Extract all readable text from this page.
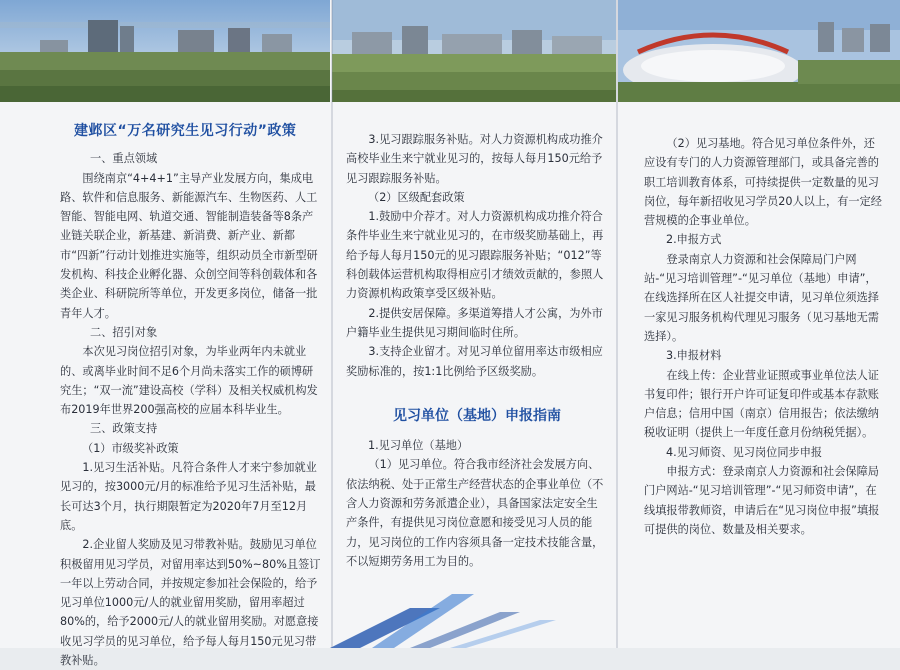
建邺区“万名研究生见习行动”政策

一、重点领域

围绕南京“4+4+1”主导产业发展方向，集成电路、软件和信息服务、新能源汽车、生物医药、人工智能、智能电网、轨道交通、智能制造装备等8条产业链关联企业，新基建、新消费、新产业、新都市“四新”行动计划推进实施等，组织动员全市新型研发机构、科技企业孵化器、众创空间等科创载体和各类企业、科研院所等单位，开发更多岗位，储备一批青年人才。

二、招引对象

本次见习岗位招引对象，为毕业两年内未就业的、或离毕业时间不足6个月尚未落实工作的硕博研究生；“双一流”建设高校（学科）及相关权威机构发布2019年世界200强高校的应届本科毕业生。

三、政策支持

（1）市级奖补政策

1.见习生活补贴。凡符合条件人才来宁参加就业见习的，按3000元/月的标准给予见习生活补贴，最长可达3个月，执行期限暂定为2020年7月至12月底。

2.企业留人奖励及见习带教补贴。鼓励见习单位积极留用见习学员，对留用率达到50%~80%且签订一年以上劳动合同，并按规定参加社会保险的，给予见习单位1000元/人的就业留用奖励，留用率超过80%的，给予2000元/人的就业留用奖励。对愿意接收见习学员的见习单位，给予每人每月150元见习带教补贴。

3.见习跟踪服务补贴。对人力资源机构成功推介高校毕业生来宁就业见习的，按每人每月150元给予见习跟踪服务补贴。

（2）区级配套政策

1.鼓励中介荐才。对人力资源机构成功推介符合条件毕业生来宁就业见习的，在市级奖励基础上，再给予每人每月150元的见习跟踪服务补贴；“012”等科创载体运营机构取得相应引才绩效贡献的，参照人力资源机构政策享受区级补贴。

2.提供安居保障。多渠道筹措人才公寓，为外市户籍毕业生提供见习期间临时住所。

3.支持企业留才。对见习单位留用率达市级相应奖励标准的，按1:1比例给予区级奖励。

见习单位（基地）申报指南

1.见习单位（基地）

（1）见习单位。符合我市经济社会发展方向、依法纳税、处于正常生产经营状态的企事业单位（不含人力资源和劳务派遣企业），具备国家法定安全生产条件，有提供见习岗位意愿和接受见习人员的能力，见习岗位的工作内容须具备一定技术技能含量，不以短期劳务用工为目的。

（2）见习基地。符合见习单位条件外，还应设有专门的人力资源管理部门，或具备完善的职工培训教育体系，可持续提供一定数量的见习岗位，每年新招收见习学员20人以上，有一定经营规模的企事业单位。

2.申报方式

登录南京人力资源和社会保障局门户网站-“见习培训管理”-“见习单位（基地）申请”，在线选择所在区人社提交申请，见习单位须选择一家见习服务机构代理见习服务（见习基地无需选择）。

3.申报材料

在线上传：企业营业证照或事业单位法人证书复印件；银行开户许可证复印件或基本存款账户信息；信用中国（南京）信用报告；依法缴纳税收证明（提供上一年度任意月份纳税凭据）。

4.见习师资、见习岗位同步申报

申报方式：登录南京人力资源和社会保障局门户网站-“见习培训管理”-“见习师资申请”，在线填报带教师资，申请后在“见习岗位申报”填报可提供的岗位、数量及相关要求。
